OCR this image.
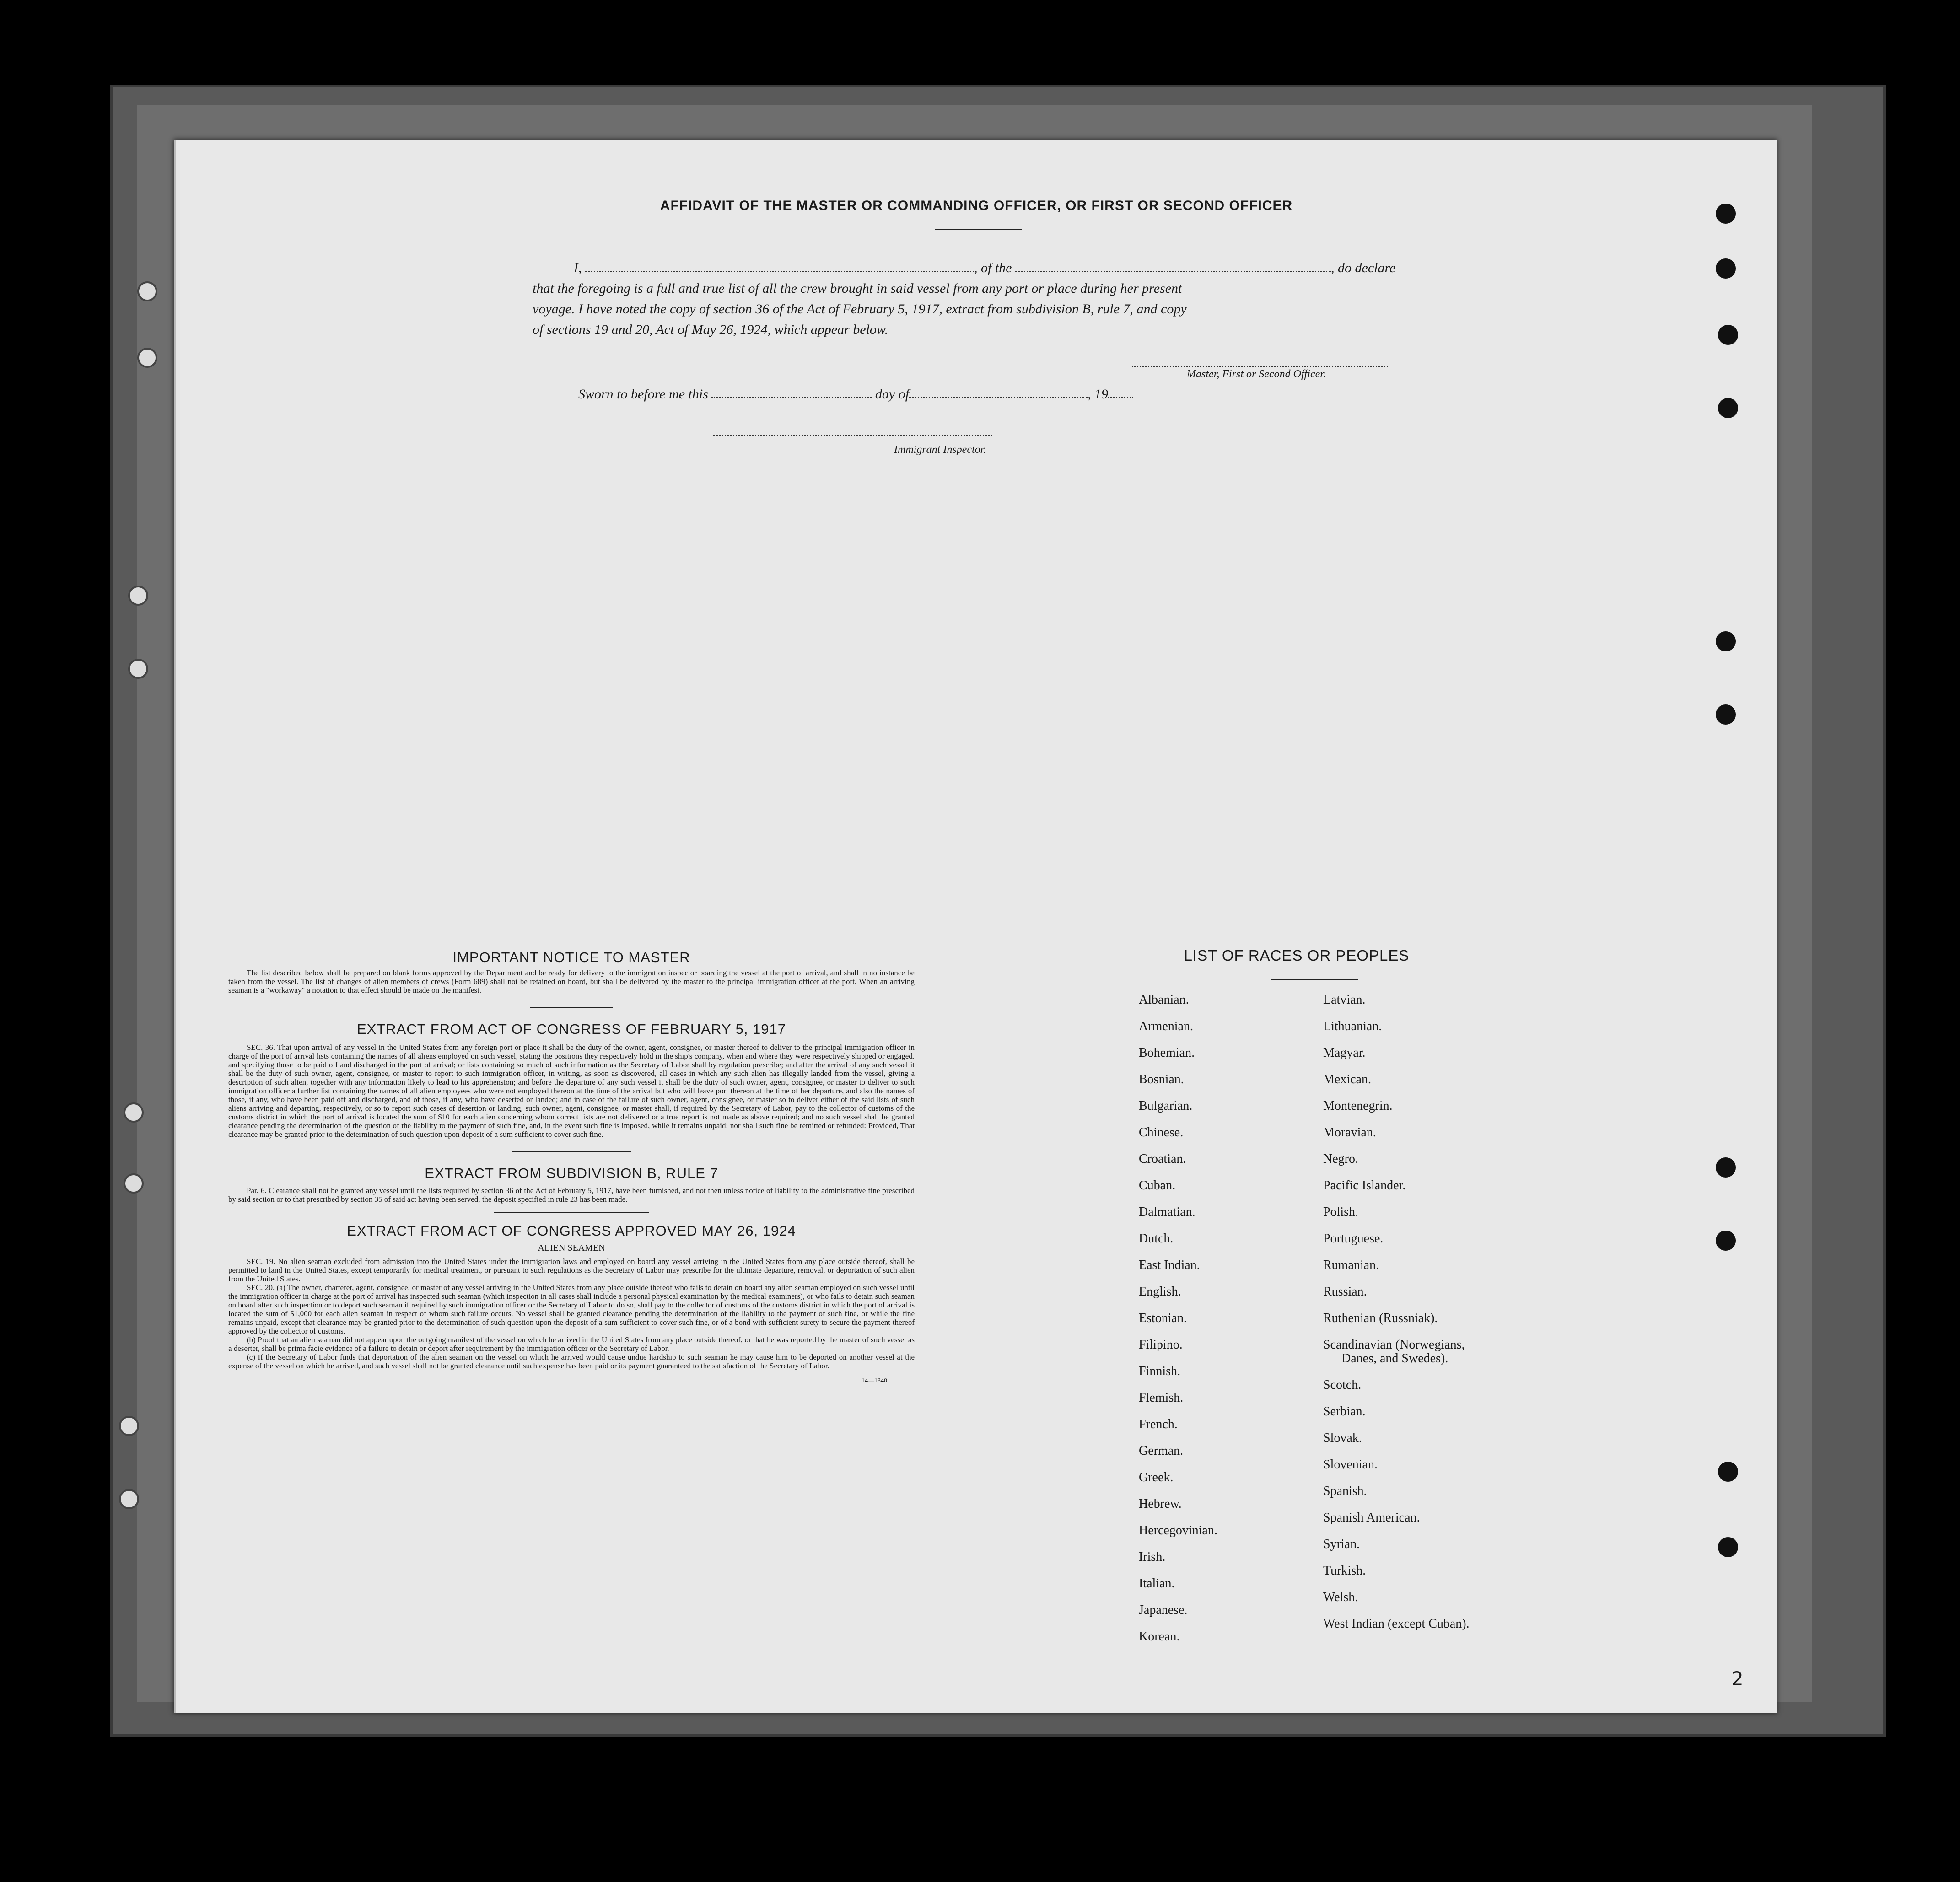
AFFIDAVIT OF THE MASTER OR COMMANDING OFFICER, OR FIRST OR SECOND OFFICER
I,	, of the	, do declare
that the foregoing is a full and true list of all the crew brought in said vessel from any port or place during her present
voyage. I have noted the copy of section 36 of the Act of February 5, 1917, extract from subdivision B, rule 7, and copy
of sections 19 and 20, Act of May 26, 1924, which appear below.
Master, First or Second Officer.
Sworn to before me this	day of	, 19
Immigrant Inspector.
IMPORTANT NOTICE TO MASTER
The list described below shall be prepared on blank forms approved by the Department and be ready for delivery to the immigration inspector boarding the vessel at the port of arrival, and shall in no instance be taken from the vessel. The list of changes of alien members of crews (Form 689) shall not be retained on board, but shall be delivered by the master to the principal immigration officer at the port. When an arriving seaman is a "workaway" a notation to that effect should be made on the manifest.
EXTRACT FROM ACT OF CONGRESS OF FEBRUARY 5, 1917
SEC. 36. That upon arrival of any vessel in the United States from any foreign port or place it shall be the duty of the owner, agent, consignee, or master thereof to deliver to the principal immigration officer in charge of the port of arrival lists containing the names of all aliens employed on such vessel, stating the positions they respectively hold in the ship's company, when and where they were respectively shipped or engaged, and specifying those to be paid off and discharged in the port of arrival; or lists containing so much of such information as the Secretary of Labor shall by regulation prescribe; and after the arrival of any such vessel it shall be the duty of such owner, agent, consignee, or master to report to such immigration officer, in writing, as soon as discovered, all cases in which any such alien has illegally landed from the vessel, giving a description of such alien, together with any information likely to lead to his apprehension; and before the departure of any such vessel it shall be the duty of such owner, agent, consignee, or master to deliver to such immigration officer a further list containing the names of all alien employees who were not employed thereon at the time of the arrival but who will leave port thereon at the time of her departure, and also the names of those, if any, who have been paid off and discharged, and of those, if any, who have deserted or landed; and in case of the failure of such owner, agent, consignee, or master so to deliver either of the said lists of such aliens arriving and departing, respectively, or so to report such cases of desertion or landing, such owner, agent, consignee, or master shall, if required by the Secretary of Labor, pay to the collector of customs of the customs district in which the port of arrival is located the sum of $10 for each alien concerning whom correct lists are not delivered or a true report is not made as above required; and no such vessel shall be granted clearance pending the determination of the question of the liability to the payment of such fine, and, in the event such fine is imposed, while it remains unpaid; nor shall such fine be remitted or refunded: Provided, That clearance may be granted prior to the determination of such question upon deposit of a sum sufficient to cover such fine.
EXTRACT FROM SUBDIVISION B, RULE 7
Par. 6. Clearance shall not be granted any vessel until the lists required by section 36 of the Act of February 5, 1917, have been furnished, and not then unless notice of liability to the administrative fine prescribed by said section or to that prescribed by section 35 of said act having been served, the deposit specified in rule 23 has been made.
EXTRACT FROM ACT OF CONGRESS APPROVED MAY 26, 1924
ALIEN SEAMEN
SEC. 19. No alien seaman excluded from admission into the United States under the immigration laws and employed on board any vessel arriving in the United States from any place outside thereof, shall be permitted to land in the United States, except temporarily for medical treatment, or pursuant to such regulations as the Secretary of Labor may prescribe for the ultimate departure, removal, or deportation of such alien from the United States.
SEC. 20. (a) The owner, charterer, agent, consignee, or master of any vessel arriving in the United States from any place outside thereof who fails to detain on board any alien seaman employed on such vessel until the immigration officer in charge at the port of arrival has inspected such seaman (which inspection in all cases shall include a personal physical examination by the medical examiners), or who fails to detain such seaman on board after such inspection or to deport such seaman if required by such immigration officer or the Secretary of Labor to do so, shall pay to the collector of customs of the customs district in which the port of arrival is located the sum of $1,000 for each alien seaman in respect of whom such failure occurs. No vessel shall be granted clearance pending the determination of the liability to the payment of such fine, or while the fine remains unpaid, except that clearance may be granted prior to the determination of such question upon the deposit of a sum sufficient to cover such fine, or of a bond with sufficient surety to secure the payment thereof approved by the collector of customs.
(b) Proof that an alien seaman did not appear upon the outgoing manifest of the vessel on which he arrived in the United States from any place outside thereof, or that he was reported by the master of such vessel as a deserter, shall be prima facie evidence of a failure to detain or deport after requirement by the immigration officer or the Secretary of Labor.
(c) If the Secretary of Labor finds that deportation of the alien seaman on the vessel on which he arrived would cause undue hardship to such seaman he may cause him to be deported on another vessel at the expense of the vessel on which he arrived, and such vessel shall not be granted clearance until such expense has been paid or its payment guaranteed to the satisfaction of the Secretary of Labor.
14—1340
LIST OF RACES OR PEOPLES
Albanian.
Armenian.
Bohemian.
Bosnian.
Bulgarian.
Chinese.
Croatian.
Cuban.
Dalmatian.
Dutch.
East Indian.
English.
Estonian.
Filipino.
Finnish.
Flemish.
French.
German.
Greek.
Hebrew.
Hercegovinian.
Irish.
Italian.
Japanese.
Korean.
Latvian.
Lithuanian.
Magyar.
Mexican.
Montenegrin.
Moravian.
Negro.
Pacific Islander.
Polish.
Portuguese.
Rumanian.
Russian.
Ruthenian (Russniak).
Scandinavian (Norwegians,
Danes, and Swedes).
Scotch.
Serbian.
Slovak.
Slovenian.
Spanish.
Spanish American.
Syrian.
Turkish.
Welsh.
West Indian (except Cuban).
2
